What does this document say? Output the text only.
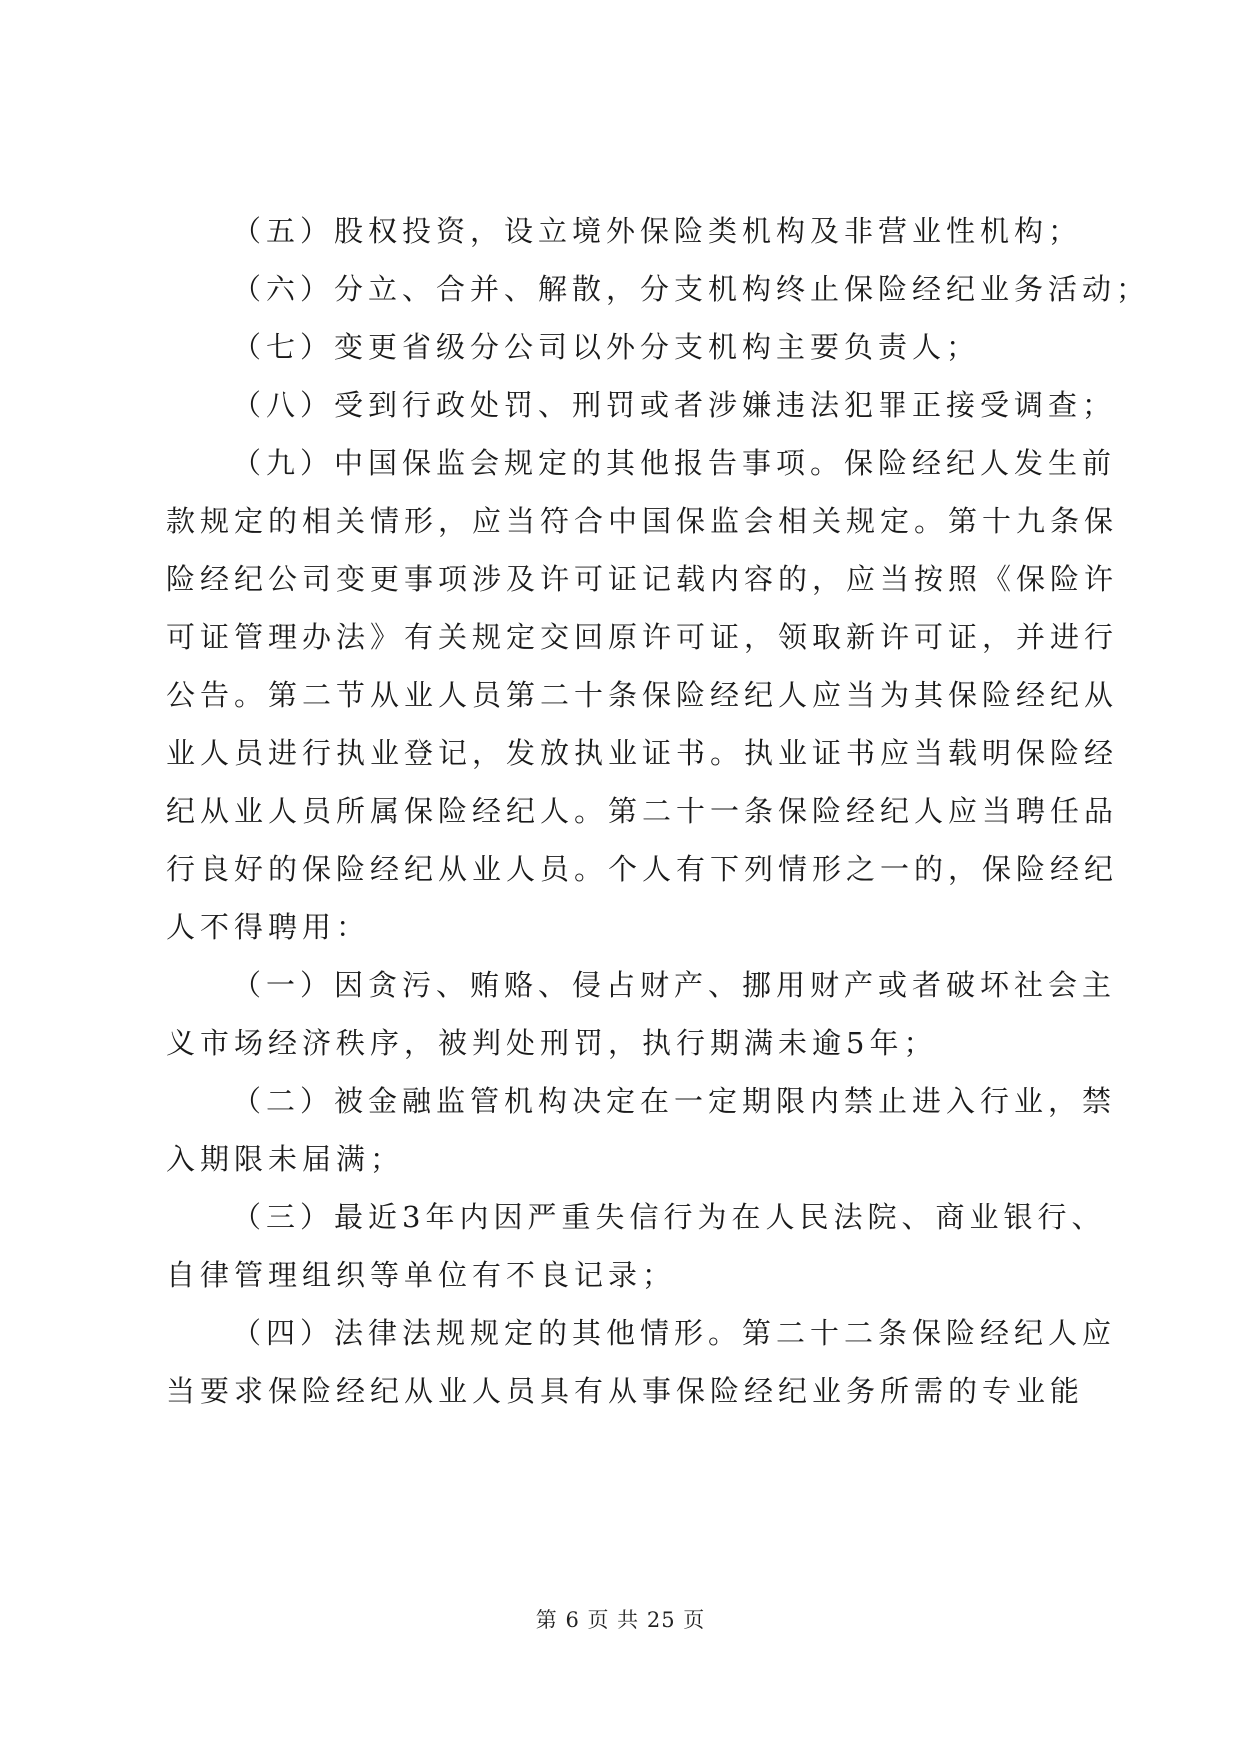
（五）股权投资，设立境外保险类机构及非营业性机构；
（六）分立、合并、解散，分支机构终止保险经纪业务活动；
（七）变更省级分公司以外分支机构主要负责人；
（八）受到行政处罚、刑罚或者涉嫌违法犯罪正接受调查；
（九）中国保监会规定的其他报告事项。保险经纪人发生前
款规定的相关情形，应当符合中国保监会相关规定。第十九条保
险经纪公司变更事项涉及许可证记载内容的，应当按照《保险许
可证管理办法》有关规定交回原许可证，领取新许可证，并进行
公告。第二节从业人员第二十条保险经纪人应当为其保险经纪从
业人员进行执业登记，发放执业证书。执业证书应当载明保险经
纪从业人员所属保险经纪人。第二十一条保险经纪人应当聘任品
行良好的保险经纪从业人员。个人有下列情形之一的，保险经纪
人不得聘用：
（一）因贪污、贿赂、侵占财产、挪用财产或者破坏社会主
义市场经济秩序，被判处刑罚，执行期满未逾5年；
（二）被金融监管机构决定在一定期限内禁止进入行业，禁
入期限未届满；
（三）最近3年内因严重失信行为在人民法院、商业银行、
自律管理组织等单位有不良记录；
（四）法律法规规定的其他情形。第二十二条保险经纪人应
当要求保险经纪从业人员具有从事保险经纪业务所需的专业能
第 6 页 共 25 页
